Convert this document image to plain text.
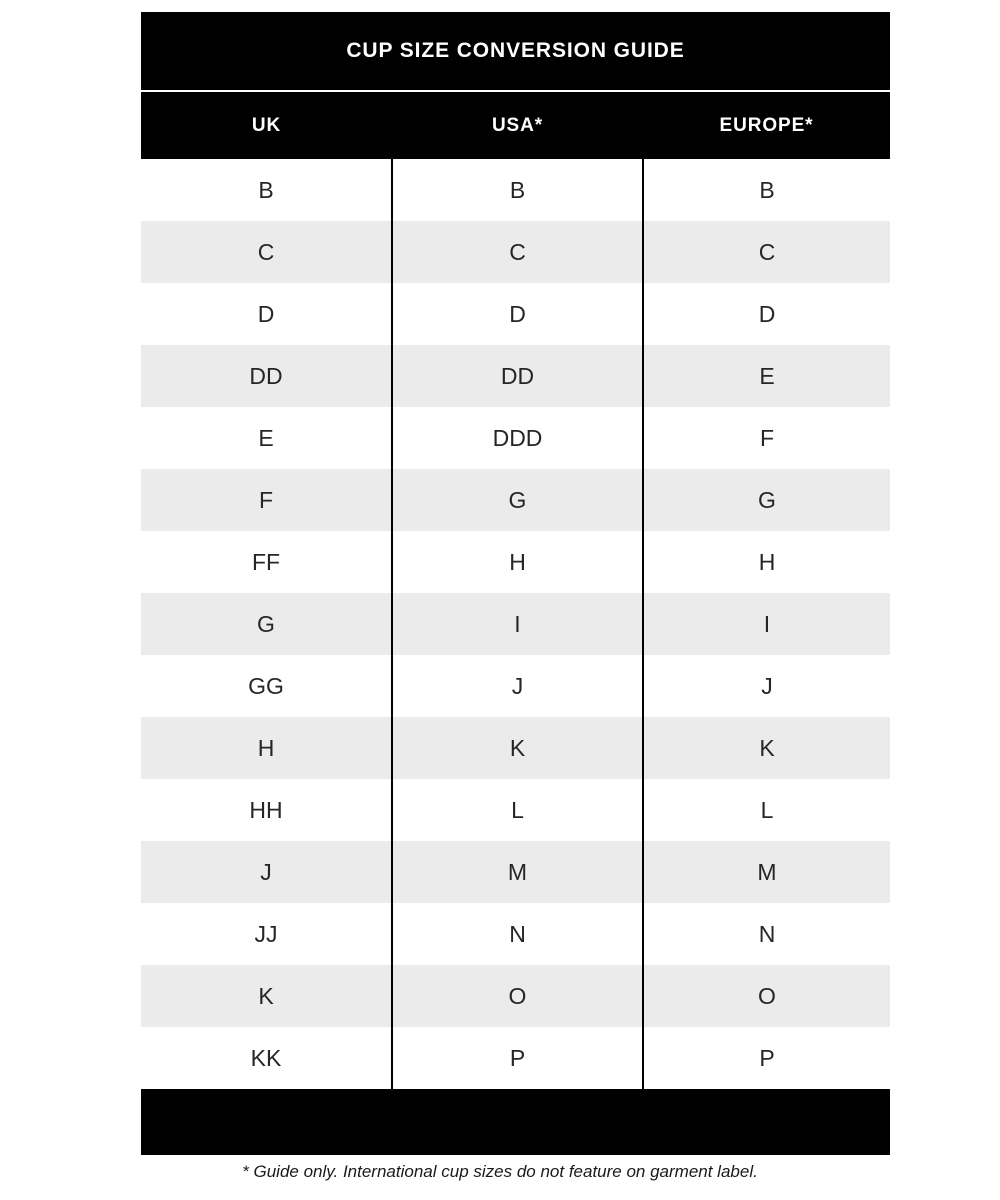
CUP SIZE CONVERSION GUIDE		
UK	USA*	EUROPE*
B	B	B
C	C	C
D	D	D
DD	DD	E
E	DDD	F
F	G	G
FF	H	H
G	I	I
GG	J	J
H	K	K
HH	L	L
J	M	M
JJ	N	N
K	O	O
KK	P	P

* Guide only. International cup sizes do not feature on garment label.
